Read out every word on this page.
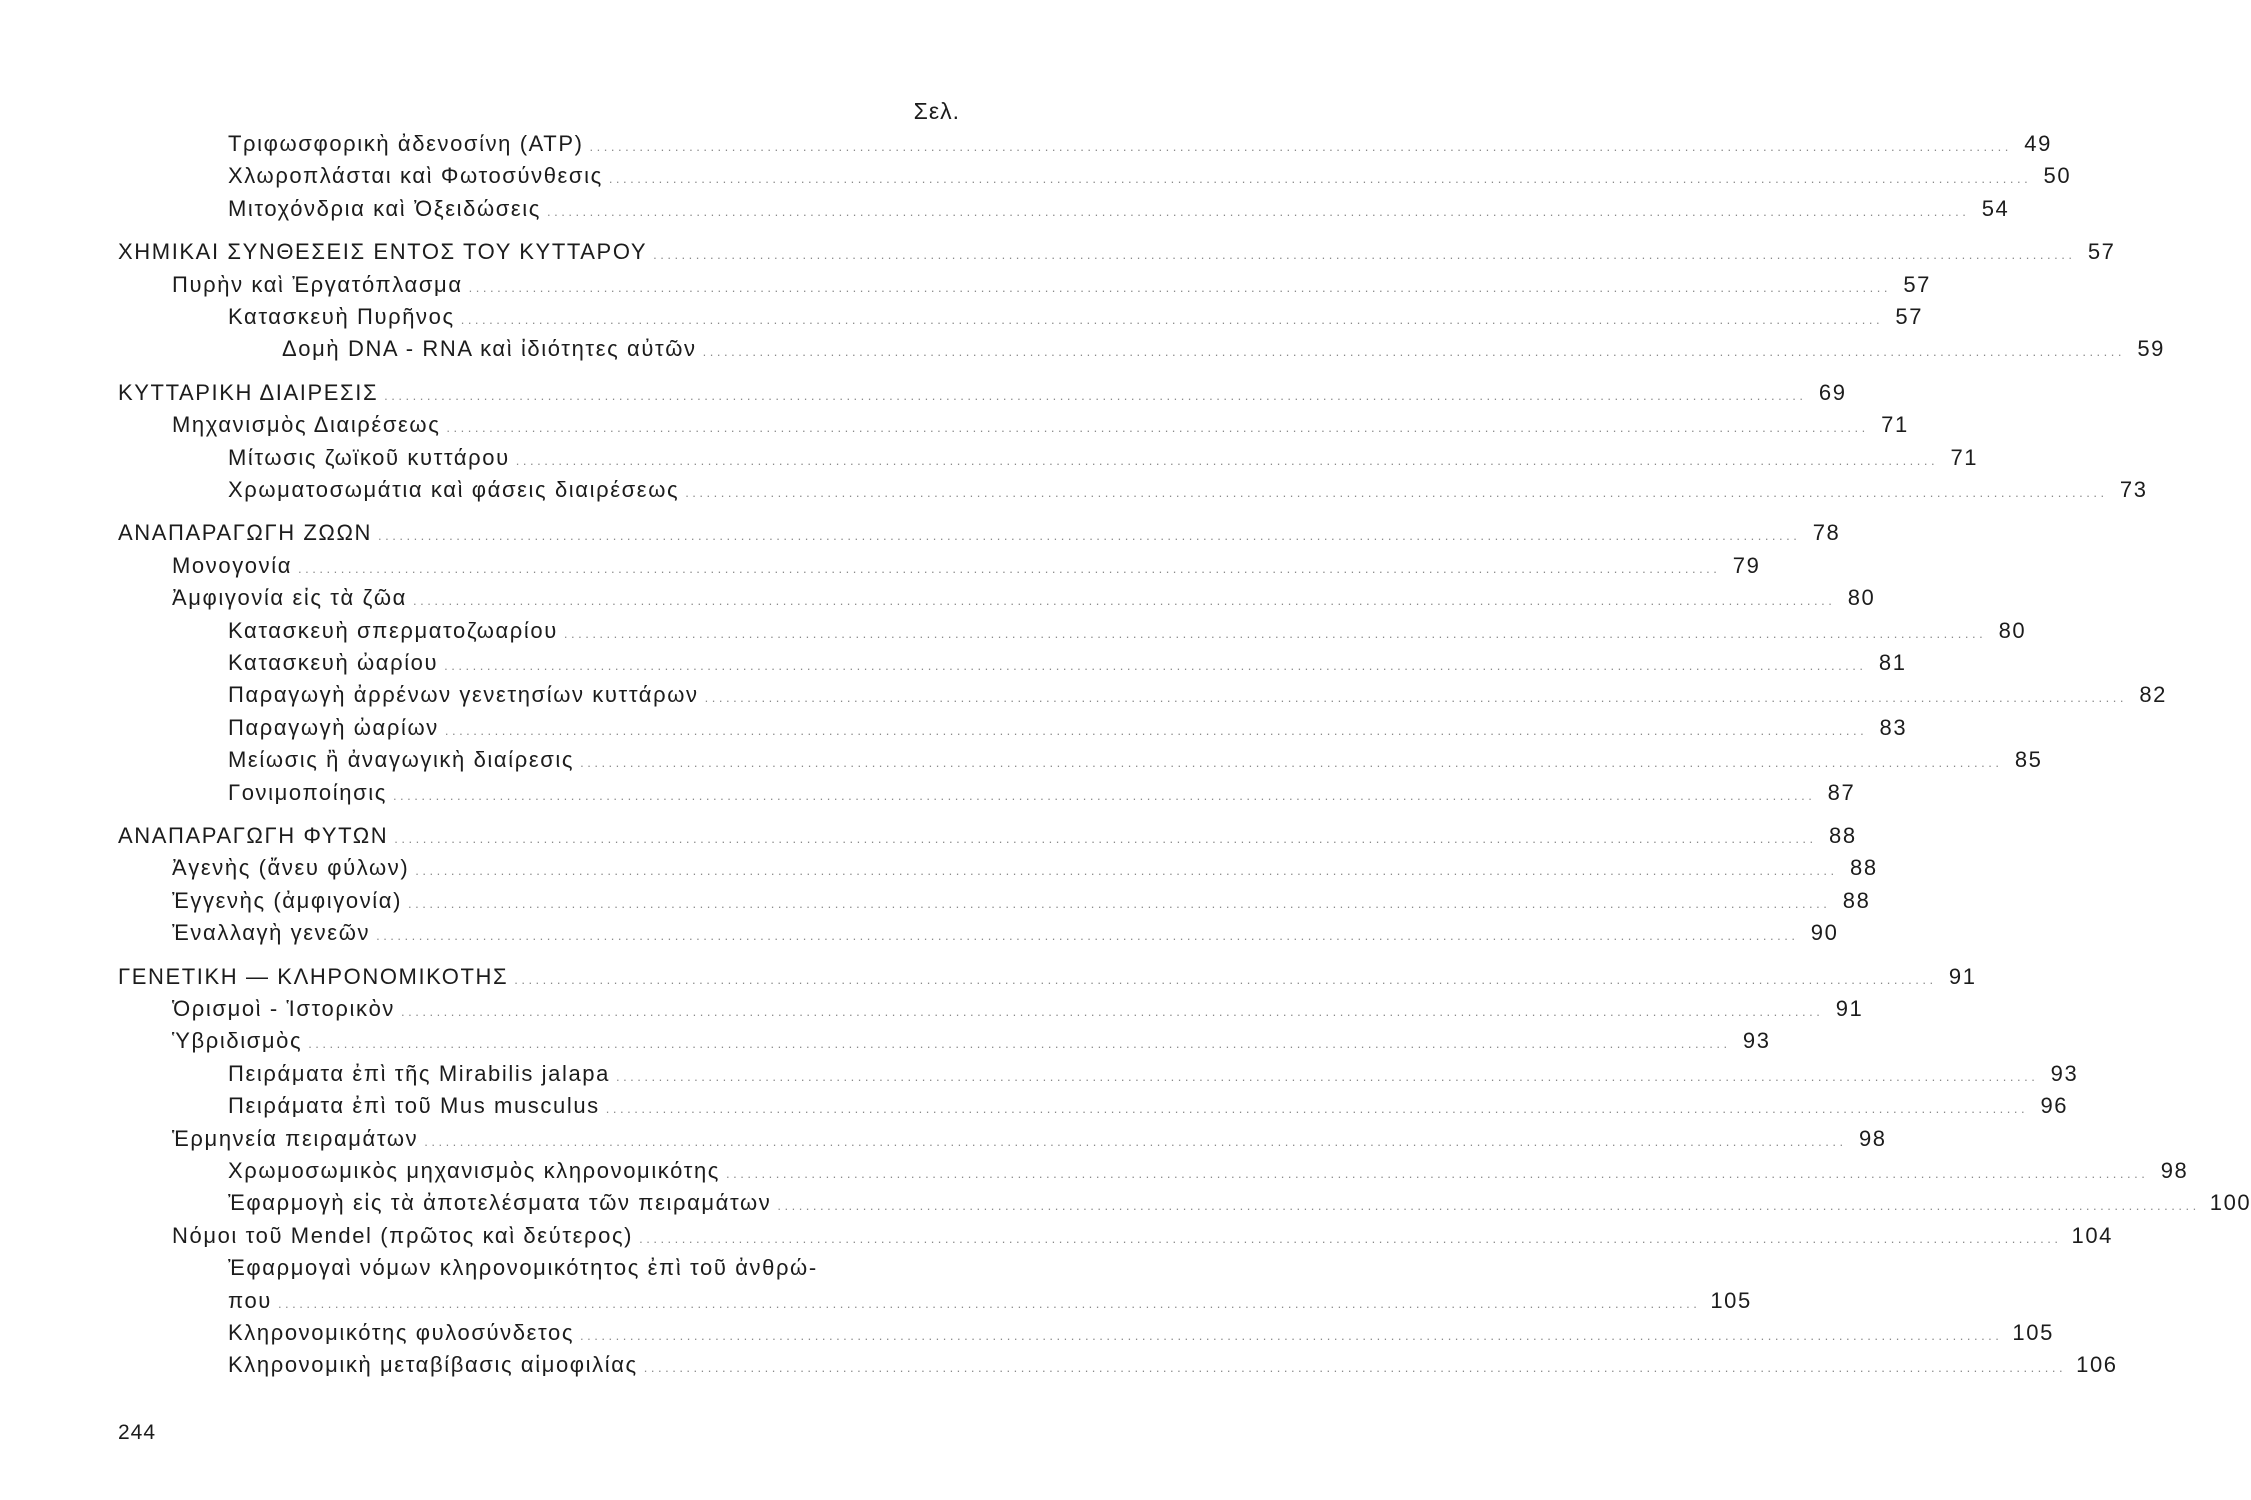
Σελ.
Τριφωσφορικὴ ἀδενοσίνη (ATP) ........................................................................................................................................................................................................ 49
Χλωροπλάσται καὶ Φωτοσύνθεσις ........................................................................................................................................................................................................ 50
Μιτοχόνδρια καὶ Ὀξειδώσεις ........................................................................................................................................................................................................ 54
ΧΗΜΙΚΑΙ ΣΥΝΘΕΣΕΙΣ ΕΝΤΟΣ ΤΟΥ ΚΥΤΤΑΡΟΥ ........................................................................................................................................................................................................ 57
Πυρὴν καὶ Ἐργατόπλασμα ........................................................................................................................................................................................................ 57
Κατασκευὴ Πυρῆνος ........................................................................................................................................................................................................ 57
Δομὴ DNA - RNA καὶ ἰδιότητες αὐτῶν ........................................................................................................................................................................................................ 59
ΚΥΤΤΑΡΙΚΗ ΔΙΑΙΡΕΣΙΣ ........................................................................................................................................................................................................ 69
Μηχανισμὸς Διαιρέσεως ........................................................................................................................................................................................................ 71
Μίτωσις ζωϊκοῦ κυττάρου ........................................................................................................................................................................................................ 71
Χρωματοσωμάτια καὶ φάσεις διαιρέσεως ........................................................................................................................................................................................................ 73
ΑΝΑΠΑΡΑΓΩΓΗ ΖΩΩΝ ........................................................................................................................................................................................................ 78
Μονογονία ........................................................................................................................................................................................................ 79
Ἀμφιγονία εἰς τὰ ζῶα ........................................................................................................................................................................................................ 80
Κατασκευὴ σπερματοζωαρίου ........................................................................................................................................................................................................ 80
Κατασκευὴ ὠαρίου ........................................................................................................................................................................................................ 81
Παραγωγὴ ἀρρένων γενετησίων κυττάρων ........................................................................................................................................................................................................ 82
Παραγωγὴ ὠαρίων ........................................................................................................................................................................................................ 83
Μείωσις ἢ ἀναγωγικὴ διαίρεσις ........................................................................................................................................................................................................ 85
Γονιμοποίησις ........................................................................................................................................................................................................ 87
ΑΝΑΠΑΡΑΓΩΓΗ ΦΥΤΩΝ ........................................................................................................................................................................................................ 88
Ἀγενὴς (ἄνευ φύλων) ........................................................................................................................................................................................................ 88
Ἐγγενὴς (ἀμφιγονία) ........................................................................................................................................................................................................ 88
Ἐναλλαγὴ γενεῶν ........................................................................................................................................................................................................ 90
ΓΕΝΕΤΙΚΗ — ΚΛΗΡΟΝΟΜΙΚΟΤΗΣ ........................................................................................................................................................................................................ 91
Ὁρισμοὶ - Ἱστορικὸν ........................................................................................................................................................................................................ 91
Ὑβριδισμὸς ........................................................................................................................................................................................................ 93
Πειράματα ἐπὶ τῆς Mirabilis jalapa ........................................................................................................................................................................................................ 93
Πειράματα ἐπὶ τοῦ Mus musculus ........................................................................................................................................................................................................ 96
Ἑρμηνεία πειραμάτων ........................................................................................................................................................................................................ 98
Χρωμοσωμικὸς μηχανισμὸς κληρονομικότης ........................................................................................................................................................................................................ 98
Ἐφαρμογὴ εἰς τὰ ἀποτελέσματα τῶν πειραμάτων ........................................................................................................................................................................................................ 100
Νόμοι τοῦ Mendel (πρῶτος καὶ δεύτερος) ........................................................................................................................................................................................................ 104
Ἐφαρμογαὶ νόμων κληρονομικότητος ἐπὶ τοῦ ἀνθρώ-
που ........................................................................................................................................................................................................ 105
Κληρονομικότης φυλοσύνδετος ........................................................................................................................................................................................................ 105
Κληρονομικὴ μεταβίβασις αἱμοφιλίας ........................................................................................................................................................................................................ 106
244
